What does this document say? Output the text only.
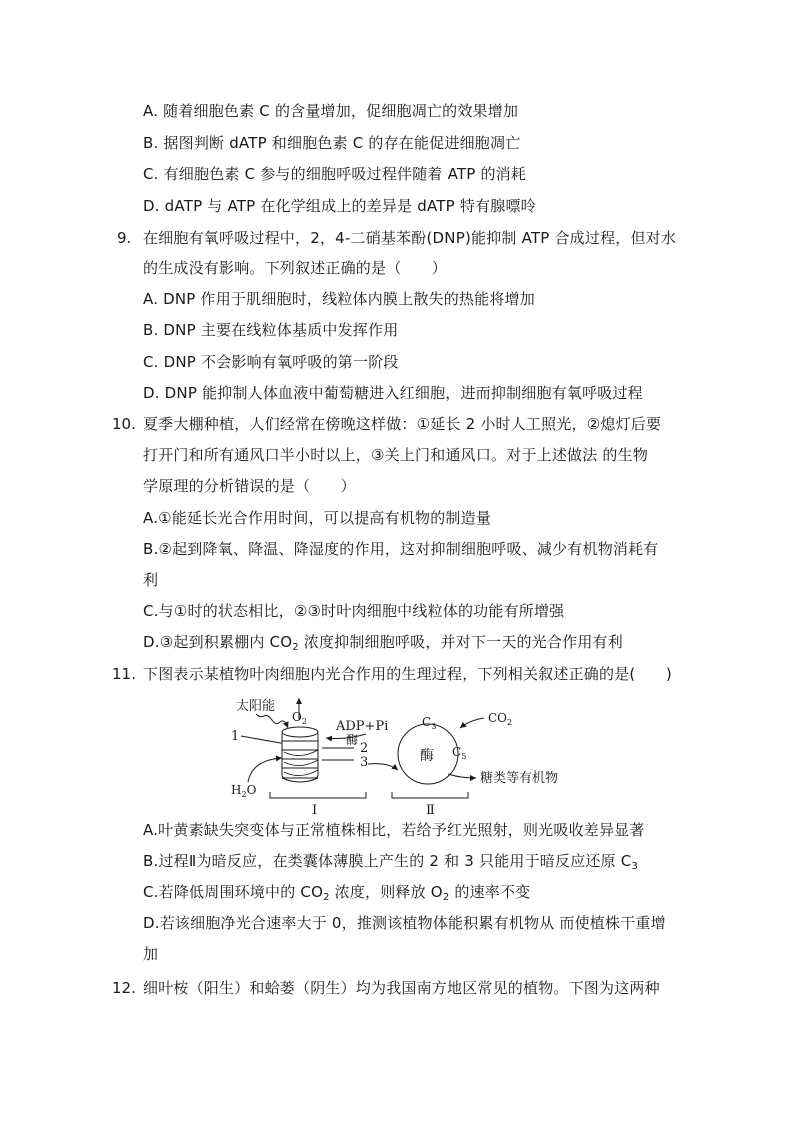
A. 随着细胞色素 C 的含量增加，促细胞凋亡的效果增加
B. 据图判断 dATP 和细胞色素 C 的存在能促进细胞凋亡
C. 有细胞色素 C 参与的细胞呼吸过程伴随着 ATP 的消耗
D. dATP 与 ATP 在化学组成上的差异是 dATP 特有腺嘌呤
9. 在细胞有氧呼吸过程中，2，4-二硝基苯酚(DNP)能抑制 ATP 合成过程，但对水
的生成没有影响。下列叙述正确的是（　　）
A. DNP 作用于肌细胞时，线粒体内膜上散失的热能将增加
B. DNP 主要在线粒体基质中发挥作用
C. DNP 不会影响有氧呼吸的第一阶段
D. DNP 能抑制人体血液中葡萄糖进入红细胞，进而抑制细胞有氧呼吸过程
10. 夏季大棚种植，人们经常在傍晚这样做：①延长 2 小时人工照光，②熄灯后要
打开门和所有通风口半小时以上，③关上门和通风口。对于上述做法 的生物
学原理的分析错误的是（　　）
A.①能延长光合作用时间，可以提高有机物的制造量
B.②起到降氧、降温、降湿度的作用，这对抑制细胞呼吸、减少有机物消耗有
利
C.与①时的状态相比，②③时叶肉细胞中线粒体的功能有所增强
D.③起到积累棚内 $CO_2$ 浓度抑制细胞呼吸，并对下一天的光合作用有利
11. 下图表示某植物叶肉细胞内光合作用的生理过程，下列相关叙述正确的是(　　)
太阳能
$O_2$
1
ADP+Pi
酶
2
3
$H_2O$
酶
$C_3$
$C_5$
$CO_2$
糖类等有机物
Ⅰ	Ⅱ
A.叶黄素缺失突变体与正常植株相比，若给予红光照射，则光吸收差异显著
B.过程Ⅱ为暗反应，在类囊体薄膜上产生的 2 和 3 只能用于暗反应还原 $C_3$
C.若降低周围环境中的 $CO_2$ 浓度，则释放 $O_2$ 的速率不变
D.若该细胞净光合速率大于 0，推测该植物体能积累有机物从 而使植株干重增
加
12. 细叶桉（阳生）和蛤蒌（阴生）均为我国南方地区常见的植物。下图为这两种
